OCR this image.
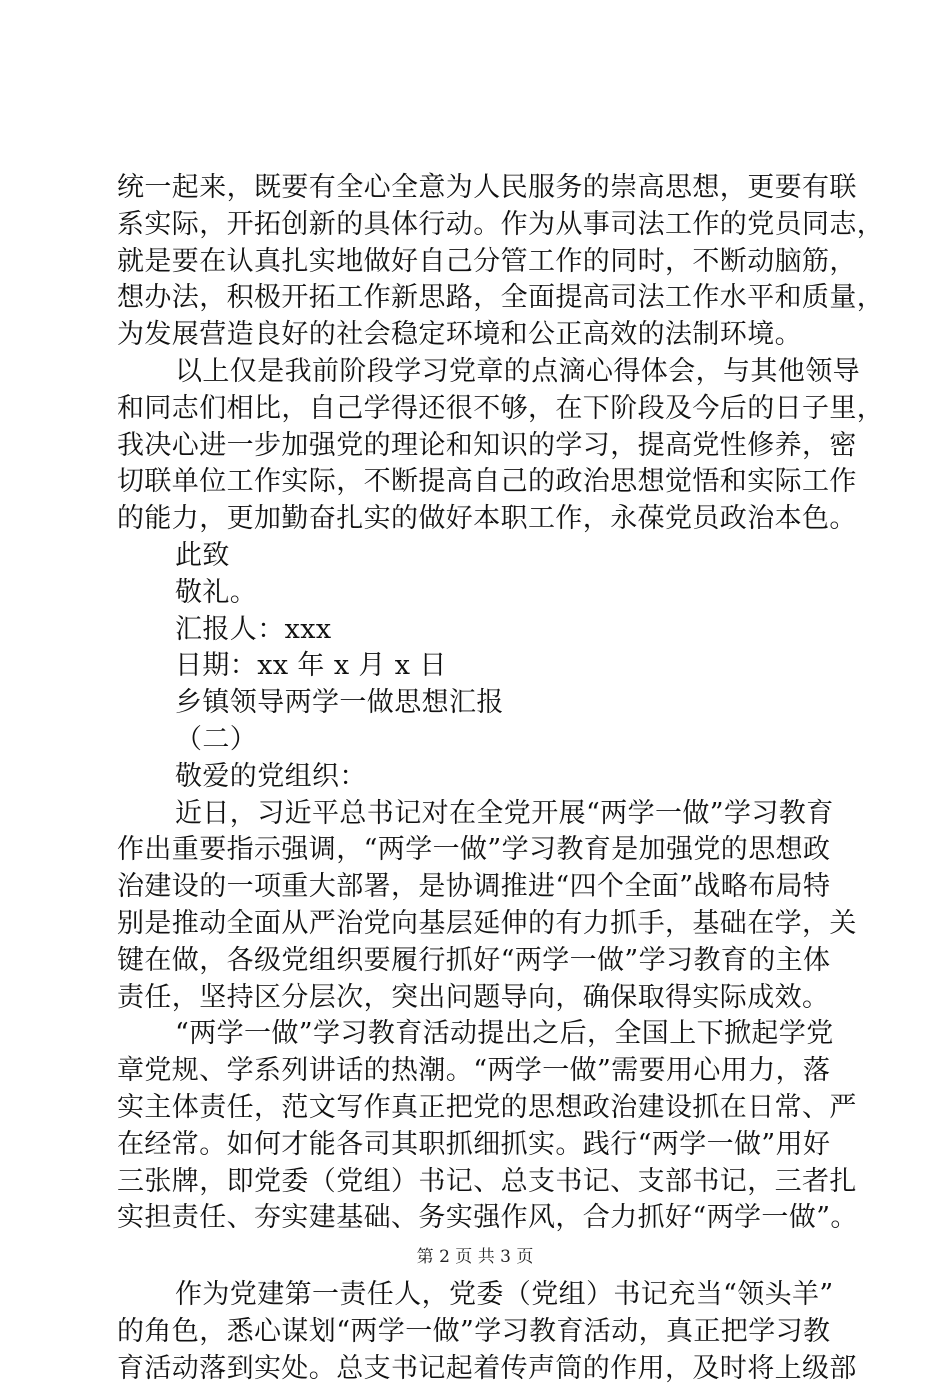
统一起来，既要有全心全意为人民服务的崇高思想，更要有联
系实际，开拓创新的具体行动。作为从事司法工作的党员同志，
就是要在认真扎实地做好自己分管工作的同时，不断动脑筋，
想办法，积极开拓工作新思路，全面提高司法工作水平和质量，
为发展营造良好的社会稳定环境和公正高效的法制环境。
以上仅是我前阶段学习党章的点滴心得体会，与其他领导
和同志们相比，自己学得还很不够，在下阶段及今后的日子里，
我决心进一步加强党的理论和知识的学习，提高党性修养，密
切联单位工作实际，不断提高自己的政治思想觉悟和实际工作
的能力，更加勤奋扎实的做好本职工作，永葆党员政治本色。
此致
敬礼。
汇报人：xxx
日期：xx 年 x 月 x 日
乡镇领导两学一做思想汇报
（二）
敬爱的党组织：
近日，习近平总书记对在全党开展“两学一做”学习教育
作出重要指示强调，“两学一做”学习教育是加强党的思想政
治建设的一项重大部署，是协调推进“四个全面”战略布局特
别是推动全面从严治党向基层延伸的有力抓手，基础在学，关
键在做，各级党组织要履行抓好“两学一做”学习教育的主体
责任，坚持区分层次，突出问题导向，确保取得实际成效。
“两学一做”学习教育活动提出之后，全国上下掀起学党
章党规、学系列讲话的热潮。“两学一做”需要用心用力，落
实主体责任，范文写作真正把党的思想政治建设抓在日常、严
在经常。如何才能各司其职抓细抓实。践行“两学一做”用好
三张牌，即党委（党组）书记、总支书记、支部书记，三者扎
实担责任、夯实建基础、务实强作风，合力抓好“两学一做”。
作为党建第一责任人，党委（党组）书记充当“领头羊”
的角色，悉心谋划“两学一做”学习教育活动，真正把学习教
育活动落到实处。总支书记起着传声筒的作用，及时将上级部
第 2 页 共 3 页
